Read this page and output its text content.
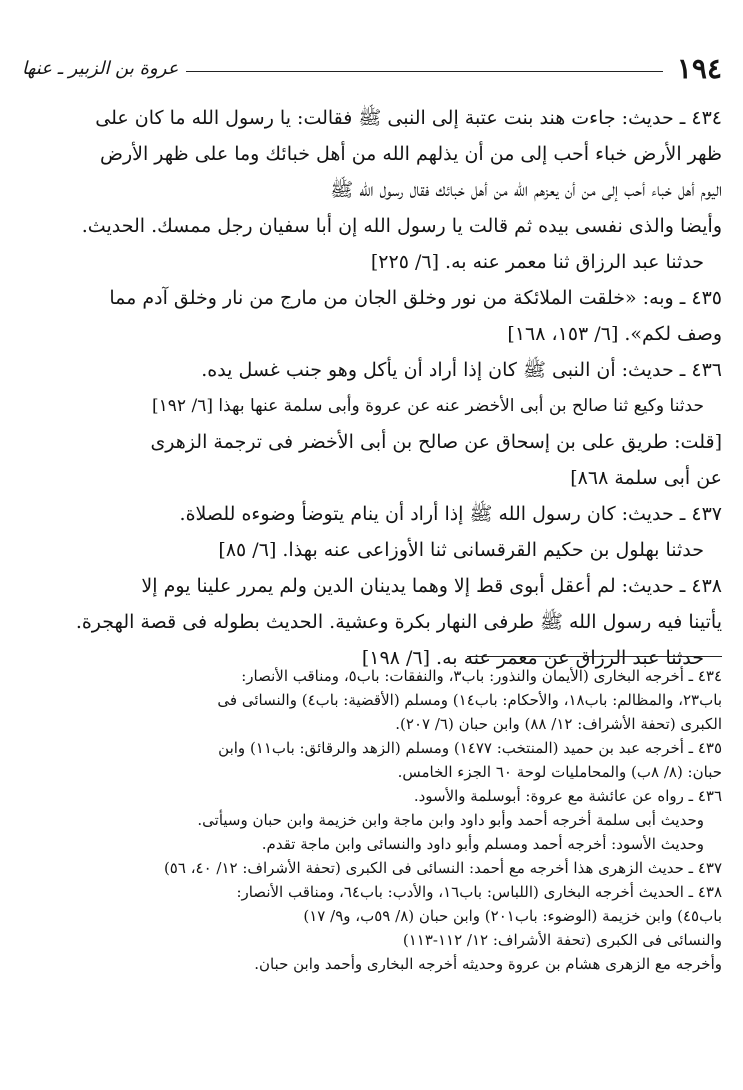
١٩٤
عروة بن الزبير ـ عنها
٤٣٤ ـ حديث: جاءت هند بنت عتبة إلى النبى ﷺ فقالت: يا رسول الله ما كان على
ظهر الأرض خباء أحب إلى من أن يذلهم الله من أهل خبائك وما على ظهر الأرض
اليوم أهل خباء أحب إلى من أن يعزهم الله من أهل خبائك فقال رسول الله ﷺ
وأيضا والذى نفسى بيده ثم قالت يا رسول الله إن أبا سفيان رجل ممسك. الحديث.
حدثنا عبد الرزاق ثنا معمر عنه به. [٦/ ٢٢٥]
٤٣٥ ـ وبه: «خلقت الملائكة من نور وخلق الجان من مارج من نار وخلق آدم مما
وصف لكم». [٦/ ١٥٣، ١٦٨]
٤٣٦ ـ حديث: أن النبى ﷺ كان إذا أراد أن يأكل وهو جنب غسل يده.
حدثنا وكيع ثنا صالح بن أبى الأخضر عنه عن عروة وأبى سلمة عنها بهذا [٦/ ١٩٢]
[قلت: طريق على بن إسحاق عن صالح بن أبى الأخضر فى ترجمة الزهرى
عن أبى سلمة ٨٦٨]
٤٣٧ ـ حديث: كان رسول الله ﷺ إذا أراد أن ينام يتوضأ وضوءه للصلاة.
حدثنا بهلول بن حكيم القرقسانى ثنا الأوزاعى عنه بهذا. [٦/ ٨٥]
٤٣٨ ـ حديث: لم أعقل أبوى قط إلا وهما يدينان الدين ولم يمرر علينا يوم إلا
يأتينا فيه رسول الله ﷺ طرفى النهار بكرة وعشية. الحديث بطوله فى قصة الهجرة.
حدثنا عبد الرزاق عن معمر عنه به. [٦/ ١٩٨]
٤٣٤ ـ أخرجه البخارى (الأيمان والنذور: باب٣، والنفقات: باب٥، ومناقب الأنصار:
باب٢٣، والمظالم: باب١٨، والأحكام: باب١٤) ومسلم (الأقضية: باب٤) والنسائى فى
الكبرى (تحفة الأشراف: ١٢/ ٨٨) وابن حبان (٦/ ٢٠٧).
٤٣٥ ـ أخرجه عبد بن حميد (المنتخب: ١٤٧٧) ومسلم (الزهد والرقائق: باب١١) وابن
حبان: (٨/ ٨ب) والمحامليات لوحة ٦٠ الجزء الخامس.
٤٣٦ ـ رواه عن عائشة مع عروة: أبوسلمة والأسود.
وحديث أبى سلمة أخرجه أحمد وأبو داود وابن ماجة وابن خزيمة وابن حبان وسيأتى.
وحديث الأسود: أخرجه أحمد ومسلم وأبو داود والنسائى وابن ماجة تقدم.
٤٣٧ ـ حديث الزهرى هذا أخرجه مع أحمد: النسائى فى الكبرى (تحفة الأشراف: ١٢/ ٤٠، ٥٦)
٤٣٨ ـ الحديث أخرجه البخارى (اللباس: باب١٦، والأدب: باب٦٤، ومناقب الأنصار:
باب٤٥) وابن خزيمة (الوضوء: باب٢٠١) وابن حبان (٨/ ٥٩ب، و٩/ ١٧)
والنسائى فى الكبرى (تحفة الأشراف: ١٢/ ١١٢-١١٣)
وأخرجه مع الزهرى هشام بن عروة وحديثه أخرجه البخارى وأحمد وابن حبان.
